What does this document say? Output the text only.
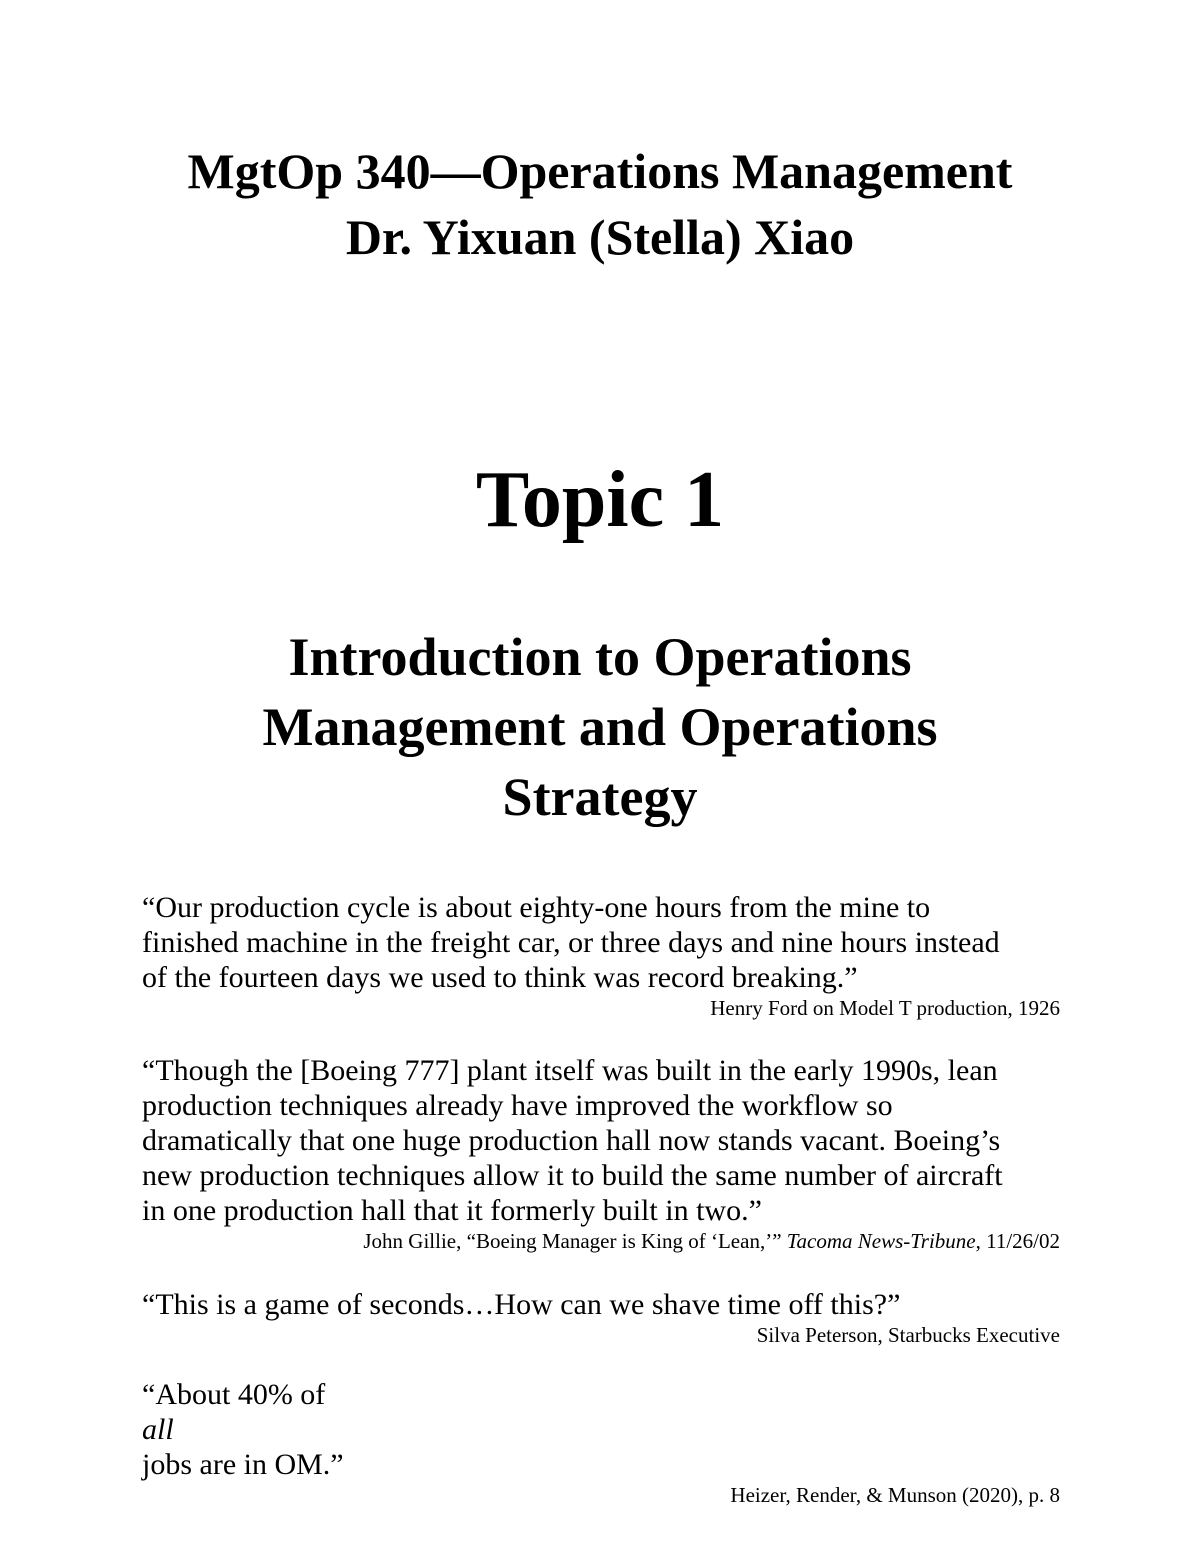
MgtOp 340—Operations Management
Dr. Yixuan (Stella) Xiao
Topic 1
Introduction to Operations
Management and Operations
Strategy

“Our production cycle is about eighty-one hours from the mine to
finished machine in the freight car, or three days and nine hours instead
of the fourteen days we used to think was record breaking.”

Henry Ford on Model T production, 1926

“Though the [Boeing 777] plant itself was built in the early 1990s, lean
production techniques already have improved the workflow so
dramatically that one huge production hall now stands vacant. Boeing’s
new production techniques allow it to build the same number of aircraft
in one production hall that it formerly built in two.”

John Gillie, “Boeing Manager is King of ‘Lean,’” Tacoma News-Tribune, 11/26/02

“This is a game of seconds…How can we shave time off this?”

Silva Peterson, Starbucks Executive

“About 40% of
all
jobs are in OM.”

Heizer, Render, & Munson (2020), p. 8
